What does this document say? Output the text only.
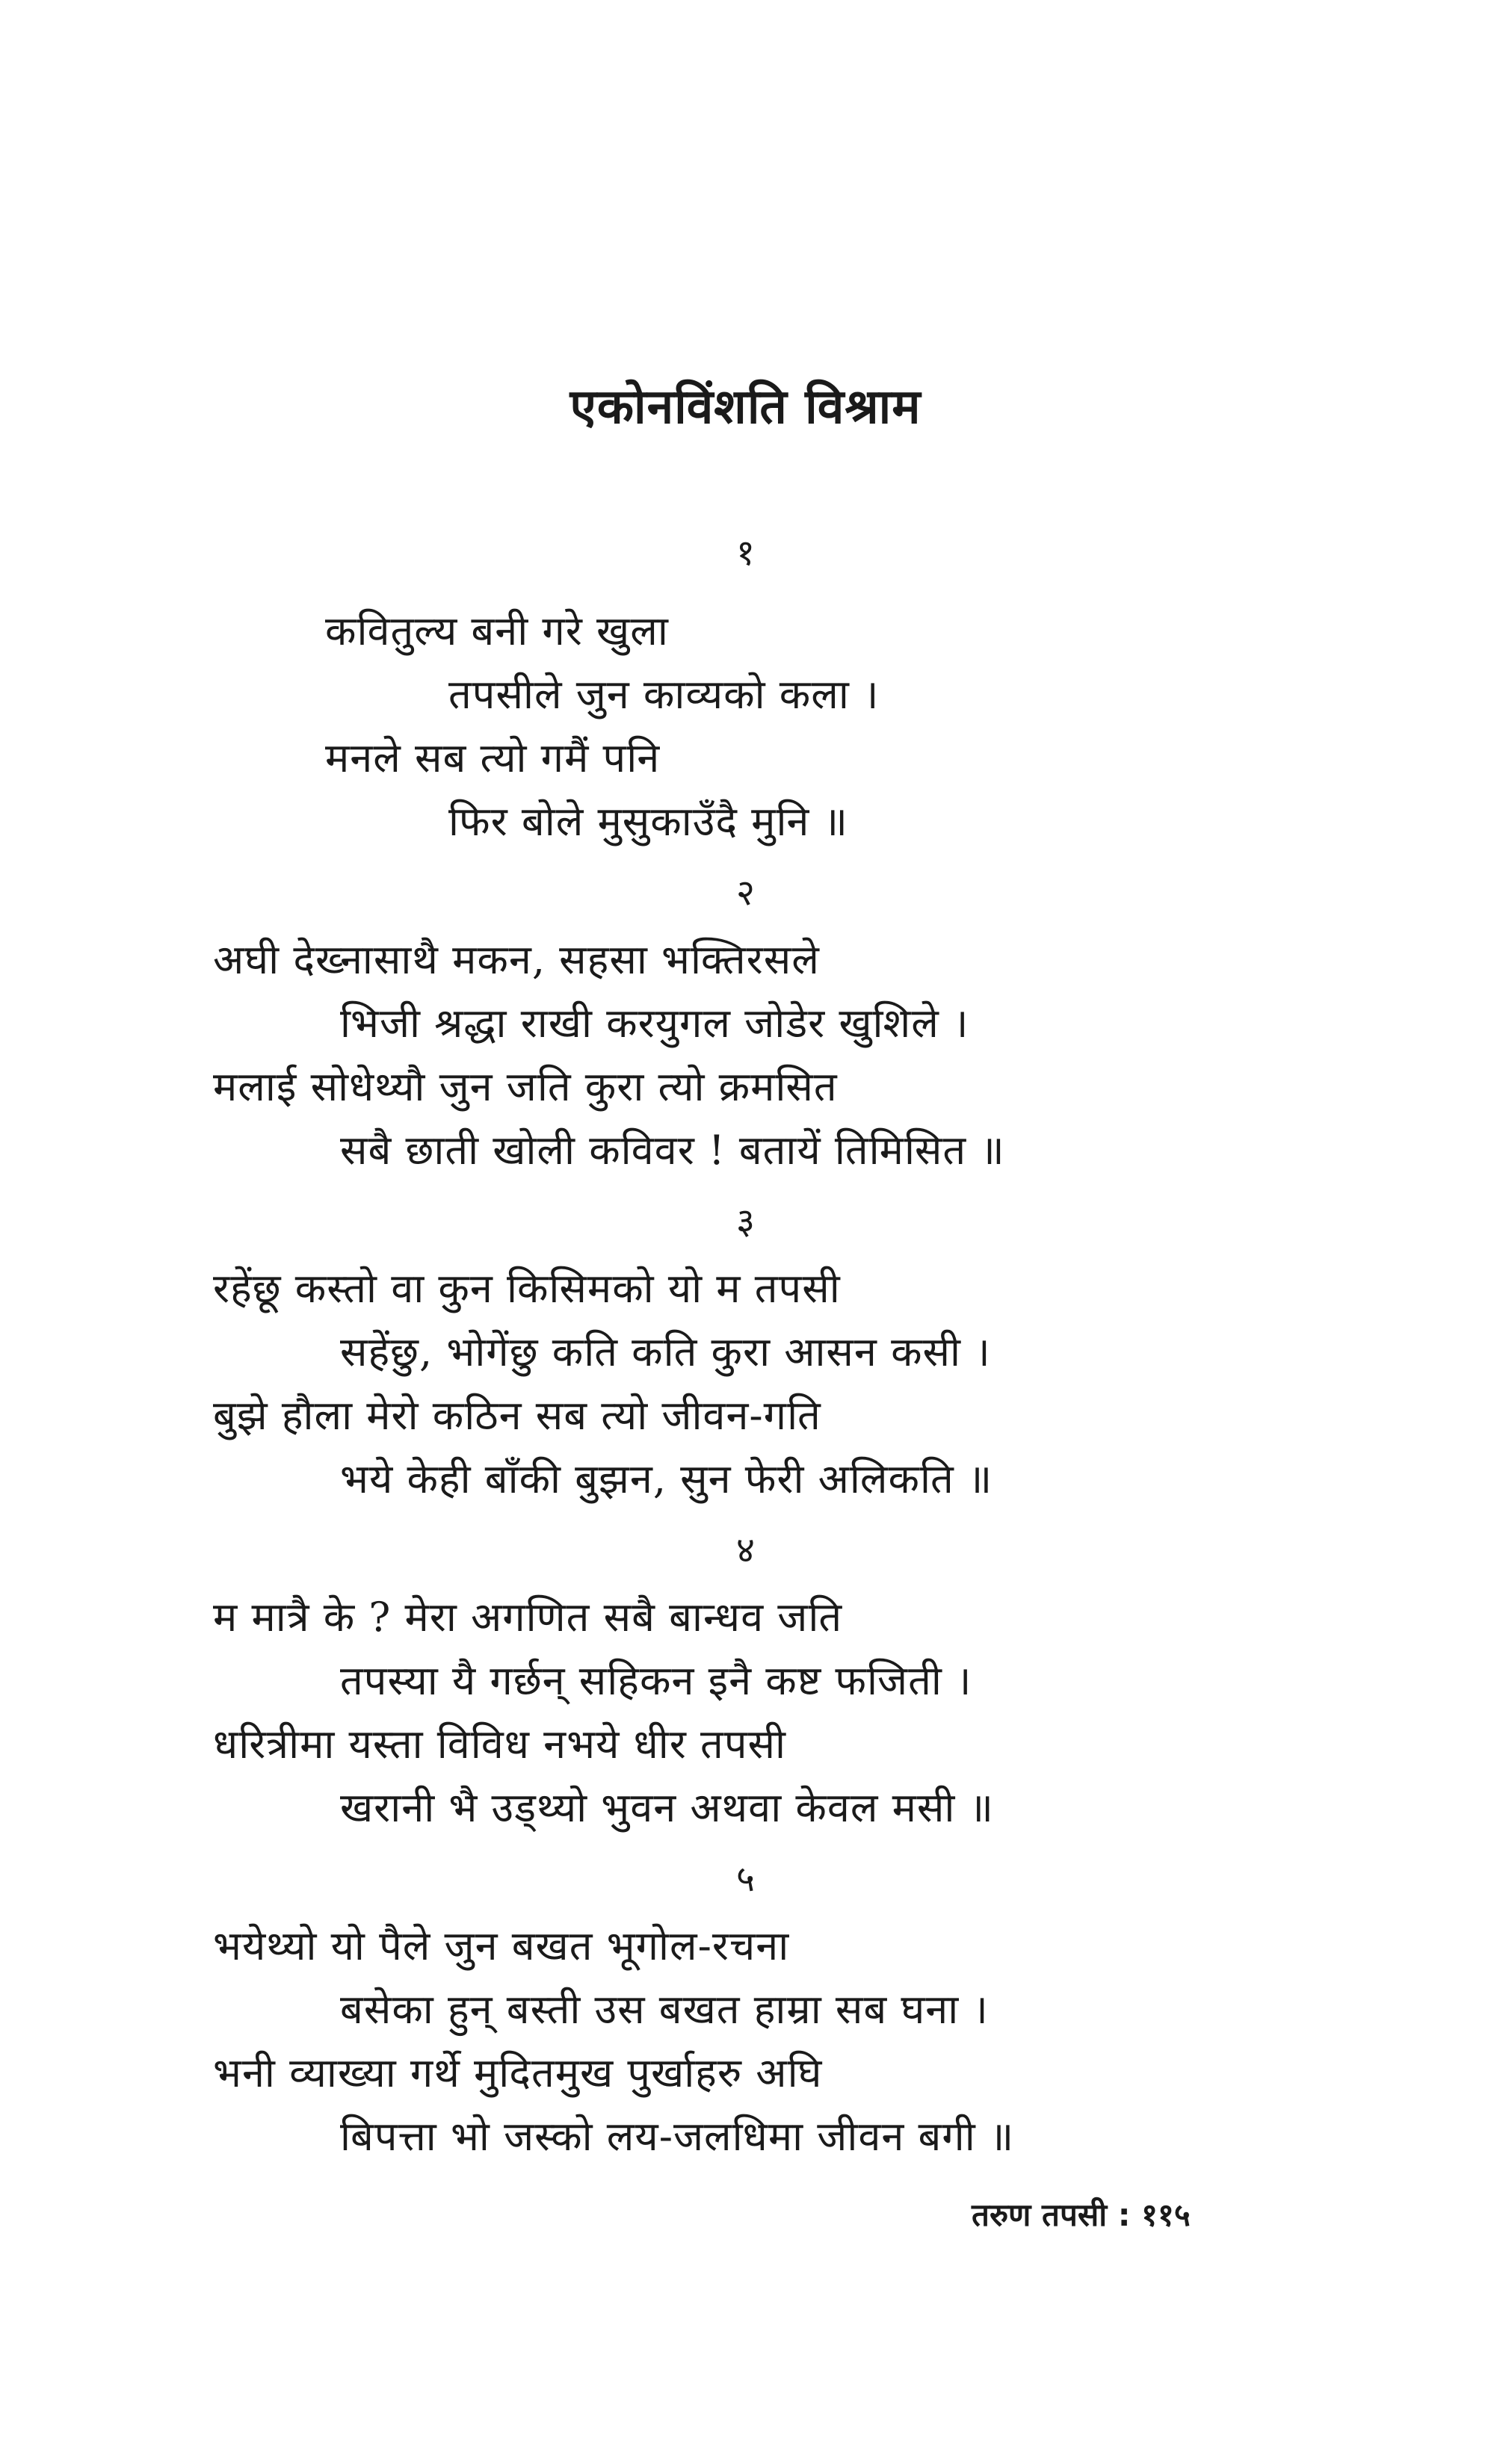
एकोनविंशति विश्राम
१
कवितुल्य बनी गरे खुला
तपसीले जुन काव्यको कला ।
मनले सब त्यो गमैं पनि
फिर बोले मुसुकाउँदै मुनि ॥
२
अघी देख्नासाथै मकन, सहसा भक्तिरसले
भिजी श्रद्धा राखी करयुगल जोडेर खुशिले ।
मलाई सोधेथ्यौ जुन जति कुरा त्यो क्रमसित
सबै छाती खोली कविवर ! बतायें तिमिसित ॥
३
रहेंछू कस्तो वा कुन किसिमको यो म तपसी
सहेंछु, भोगेंछु कति कति कुरा आसन कसी ।
बुझे हौला मेरो कठिन सब त्यो जीवन-गति
भये केही बाँकी बुझन, सुन फेरी अलिकति ॥
४
म मात्रै के ? मेरा अगणित सबै बान्धव जति
तपस्या यै गर्छन् सहिकन इनै कष्ट फजिती ।
धरित्रीमा यस्ता विविध नभये धीर तपसी
खरानी भै उड्थ्यो भुवन अथवा केवल मसी ॥
५
भयेथ्यो यो पैले जुन बखत भूगोल-रचना
बसेका हुन् बस्ती उस बखत हाम्रा सब घना ।
भनी व्याख्या गर्थे मुदितमुख पुर्खाहरु अघि
बिपत्ता भो जस्को लय-जलधिमा जीवन बगी ॥
तरुण तपसी : ११५
